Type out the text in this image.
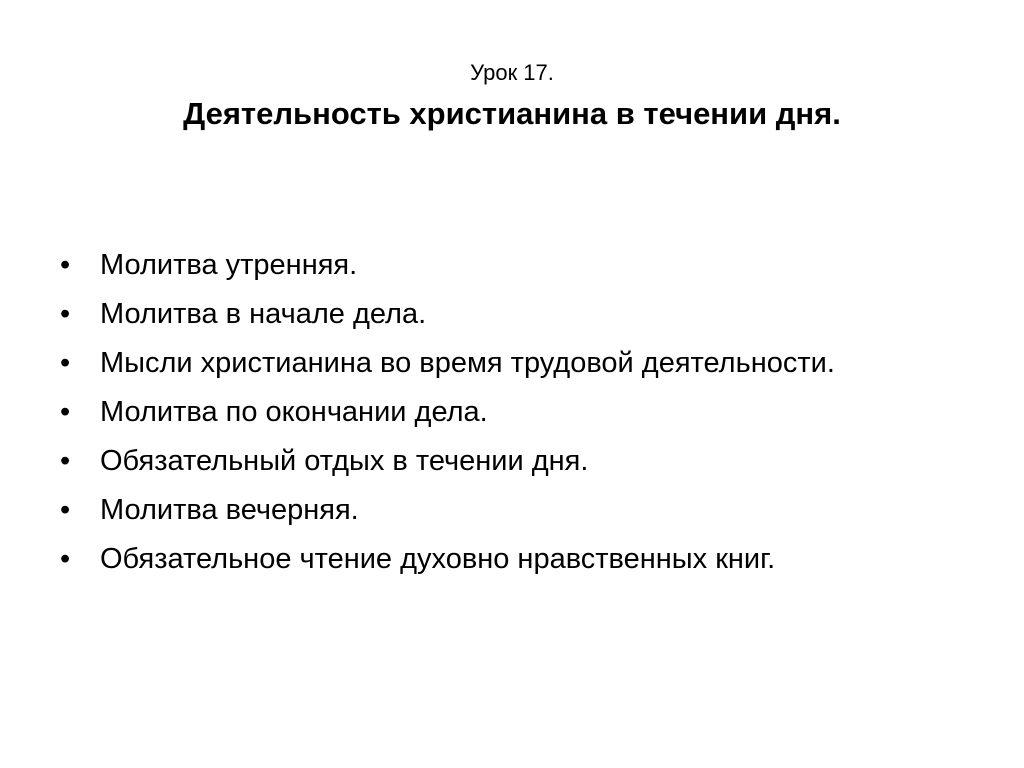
Урок 17.
Деятельность христианина в течении дня.
•	Молитва утренняя.
•	Молитва в начале дела.
•	Мысли христианина во время трудовой деятельности.
•	Молитва по окончании дела.
•	Обязательный отдых в течении дня.
•	Молитва вечерняя.
•	Обязательное чтение духовно нравственных книг.
